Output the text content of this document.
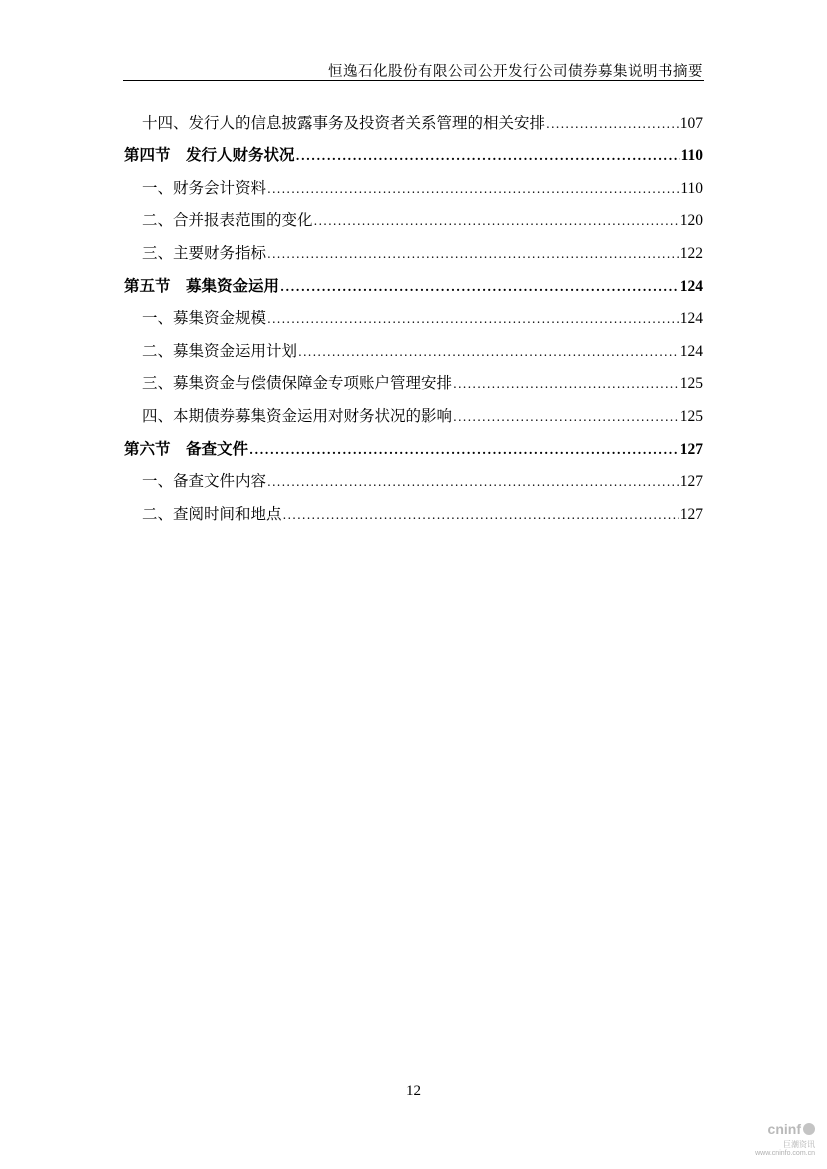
恒逸石化股份有限公司公开发行公司债券募集说明书摘要
十四、发行人的信息披露事务及投资者关系管理的相关安排 .....	107
第四节　发行人财务状况 .....	110
一、财务会计资料 .....	110
二、合并报表范围的变化 .....	120
三、主要财务指标 .....	122
第五节　募集资金运用 .....	124
一、募集资金规模 .....	124
二、募集资金运用计划 .....	124
三、募集资金与偿债保障金专项账户管理安排 .....	125
四、本期债券募集资金运用对财务状况的影响 .....	125
第六节　备查文件 .....	127
一、备查文件内容 .....	127
二、查阅时间和地点 .....	127
12
cninf
巨潮资讯
www.cninfo.com.cn
